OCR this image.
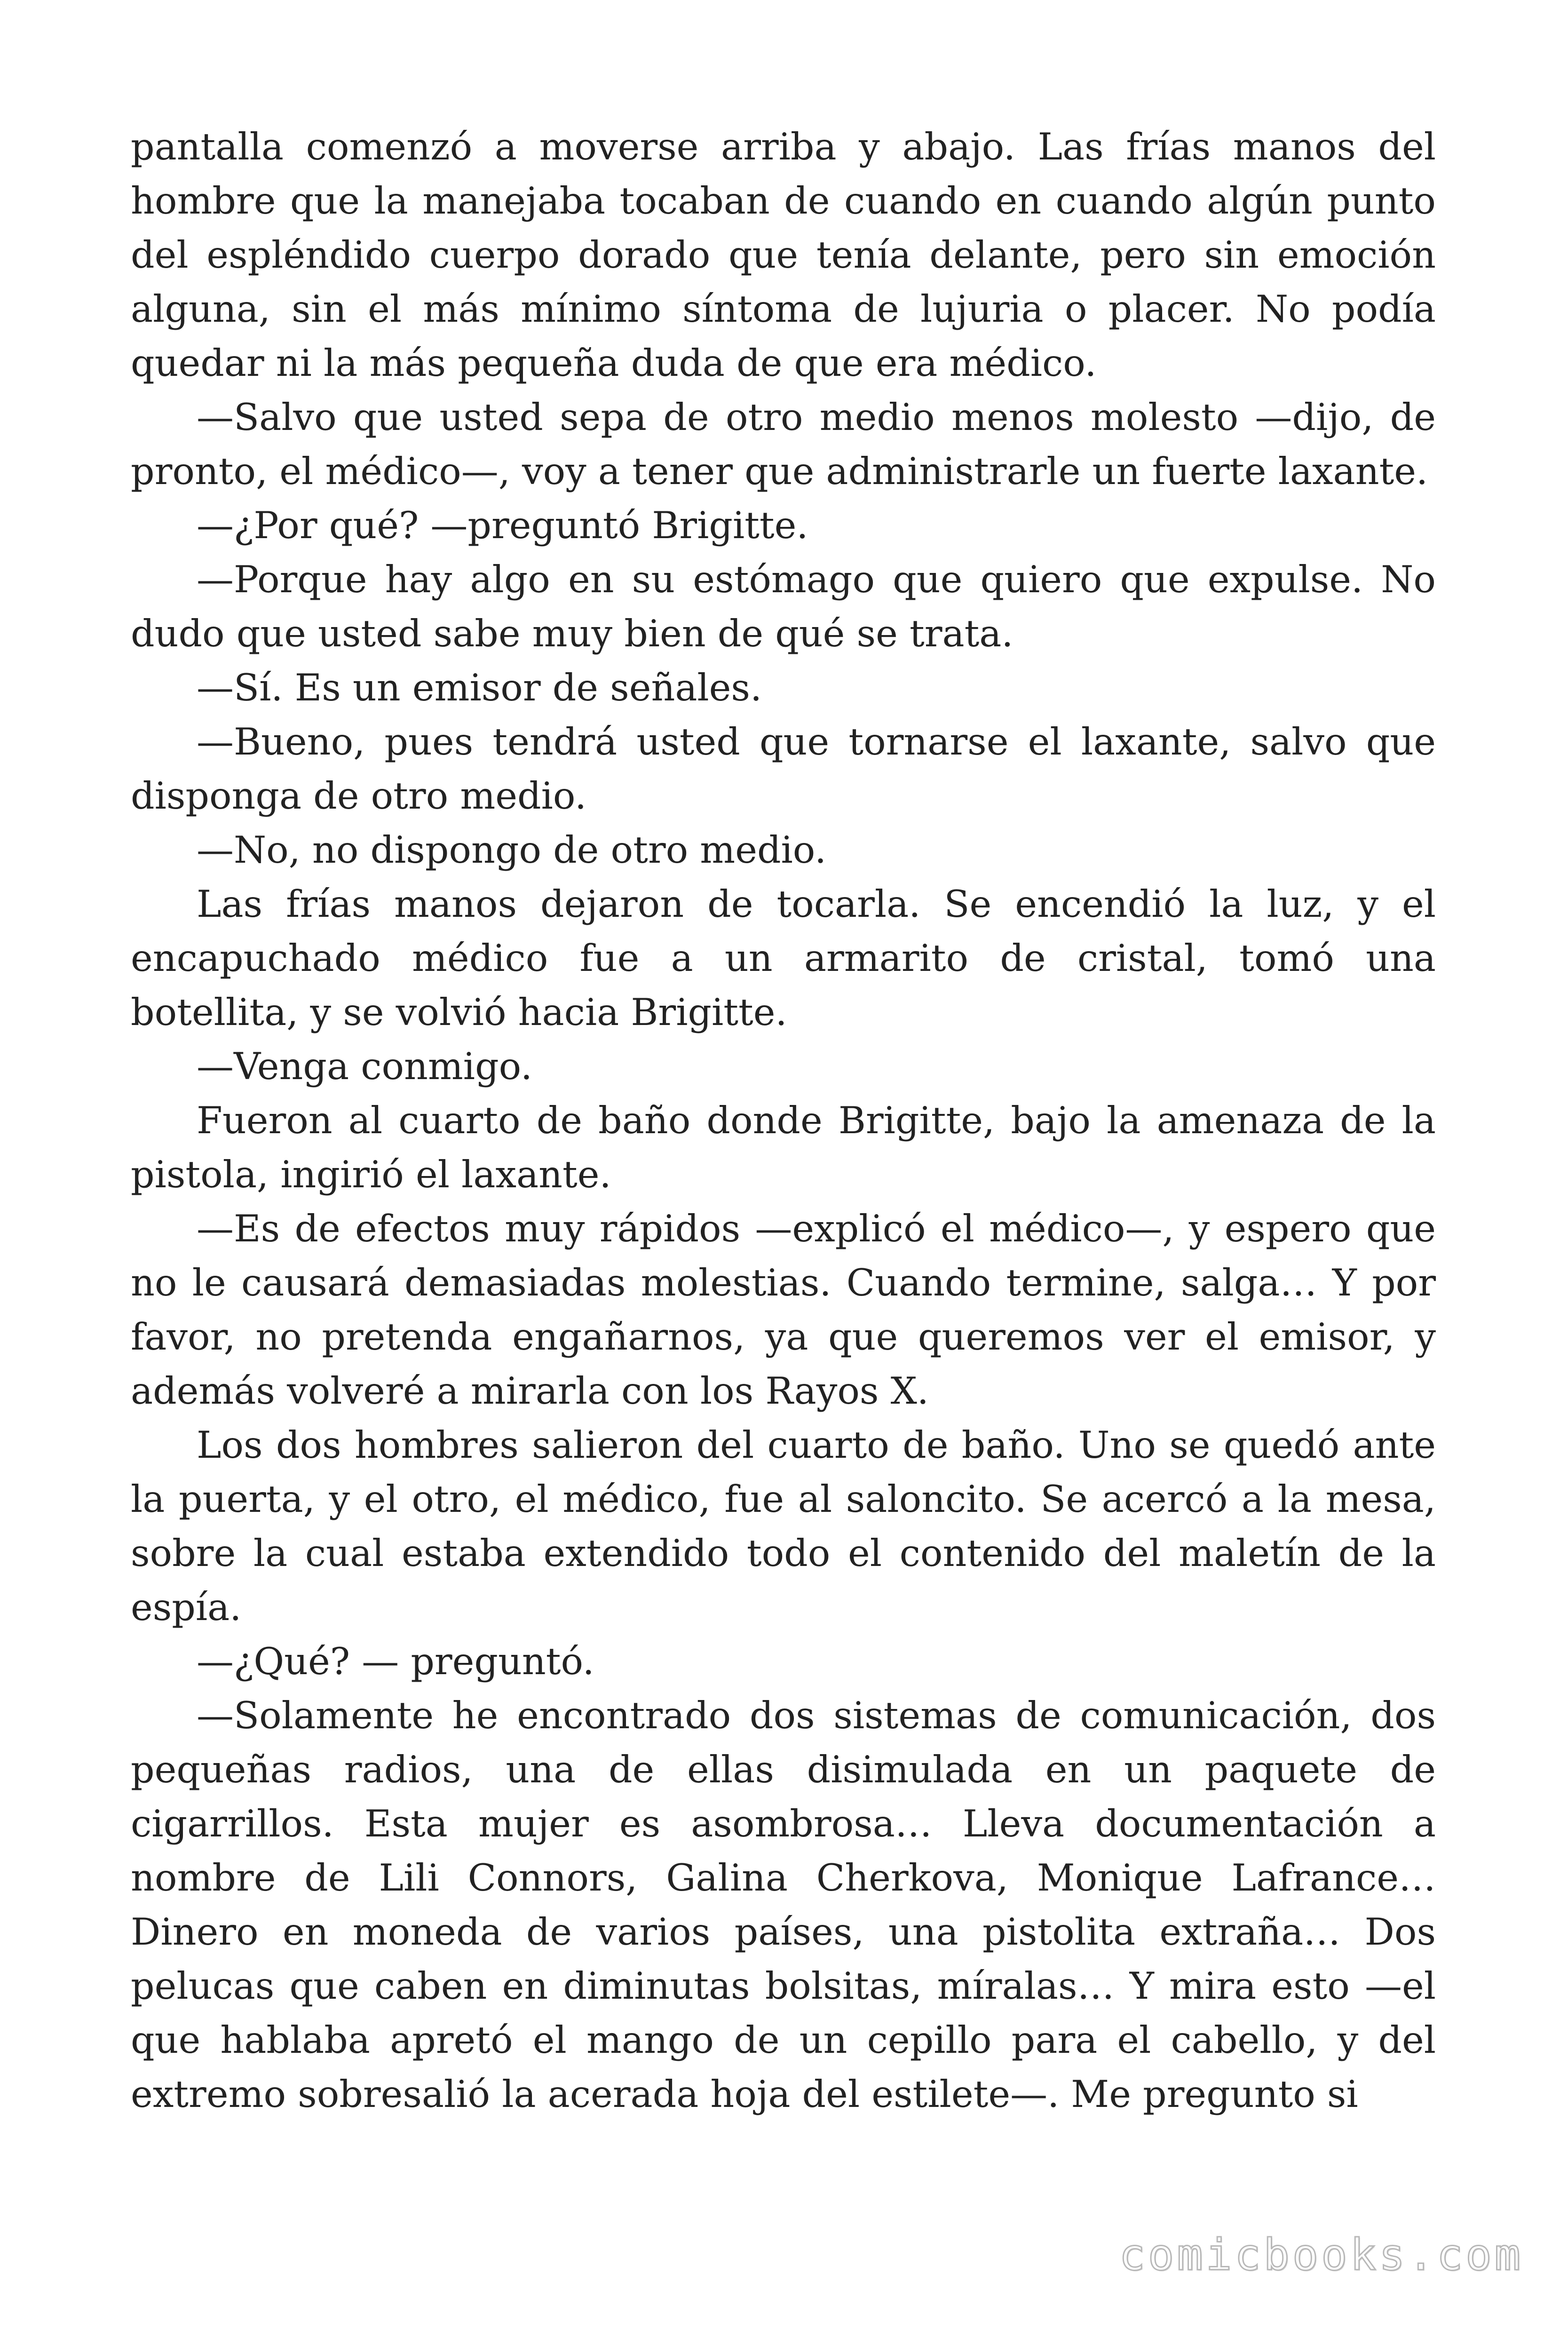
pantalla comenzó a moverse arriba y abajo. Las frías manos del hombre que la manejaba tocaban de cuando en cuando algún punto del espléndido cuerpo dorado que tenía delante, pero sin emoción alguna, sin el más mínimo síntoma de lujuria o placer. No podía quedar ni la más pequeña duda de que era médico.

—Salvo que usted sepa de otro medio menos molesto —dijo, de pronto, el médico—, voy a tener que administrarle un fuerte laxante.

—¿Por qué? —preguntó Brigitte.

—Porque hay algo en su estómago que quiero que expulse. No dudo que usted sabe muy bien de qué se trata.

—Sí. Es un emisor de señales.

—Bueno, pues tendrá usted que tornarse el laxante, salvo que disponga de otro medio.

—No, no dispongo de otro medio.

Las frías manos dejaron de tocarla. Se encendió la luz, y el encapuchado médico fue a un armarito de cristal, tomó una botellita, y se volvió hacia Brigitte.

—Venga conmigo.

Fueron al cuarto de baño donde Brigitte, bajo la amenaza de la pistola, ingirió el laxante.

—Es de efectos muy rápidos —explicó el médico—, y espero que no le causará demasiadas molestias. Cuando termine, salga… Y por favor, no pretenda engañarnos, ya que queremos ver el emisor, y además volveré a mirarla con los Rayos X.

Los dos hombres salieron del cuarto de baño. Uno se quedó ante la puerta, y el otro, el médico, fue al saloncito. Se acercó a la mesa, sobre la cual estaba extendido todo el contenido del maletín de la espía.

—¿Qué? — preguntó.

—Solamente he encontrado dos sistemas de comunicación, dos pequeñas radios, una de ellas disimulada en un paquete de cigarrillos. Esta mujer es asombrosa… Lleva documentación a nombre de Lili Connors, Galina Cherkova, Monique Lafrance… Dinero en moneda de varios países, una pistolita extraña… Dos pelucas que caben en diminutas bolsitas, míralas… Y mira esto —el que hablaba apretó el mango de un cepillo para el cabello, y del extremo sobresalió la acerada hoja del estilete—. Me pregunto si

comicbooks.com
